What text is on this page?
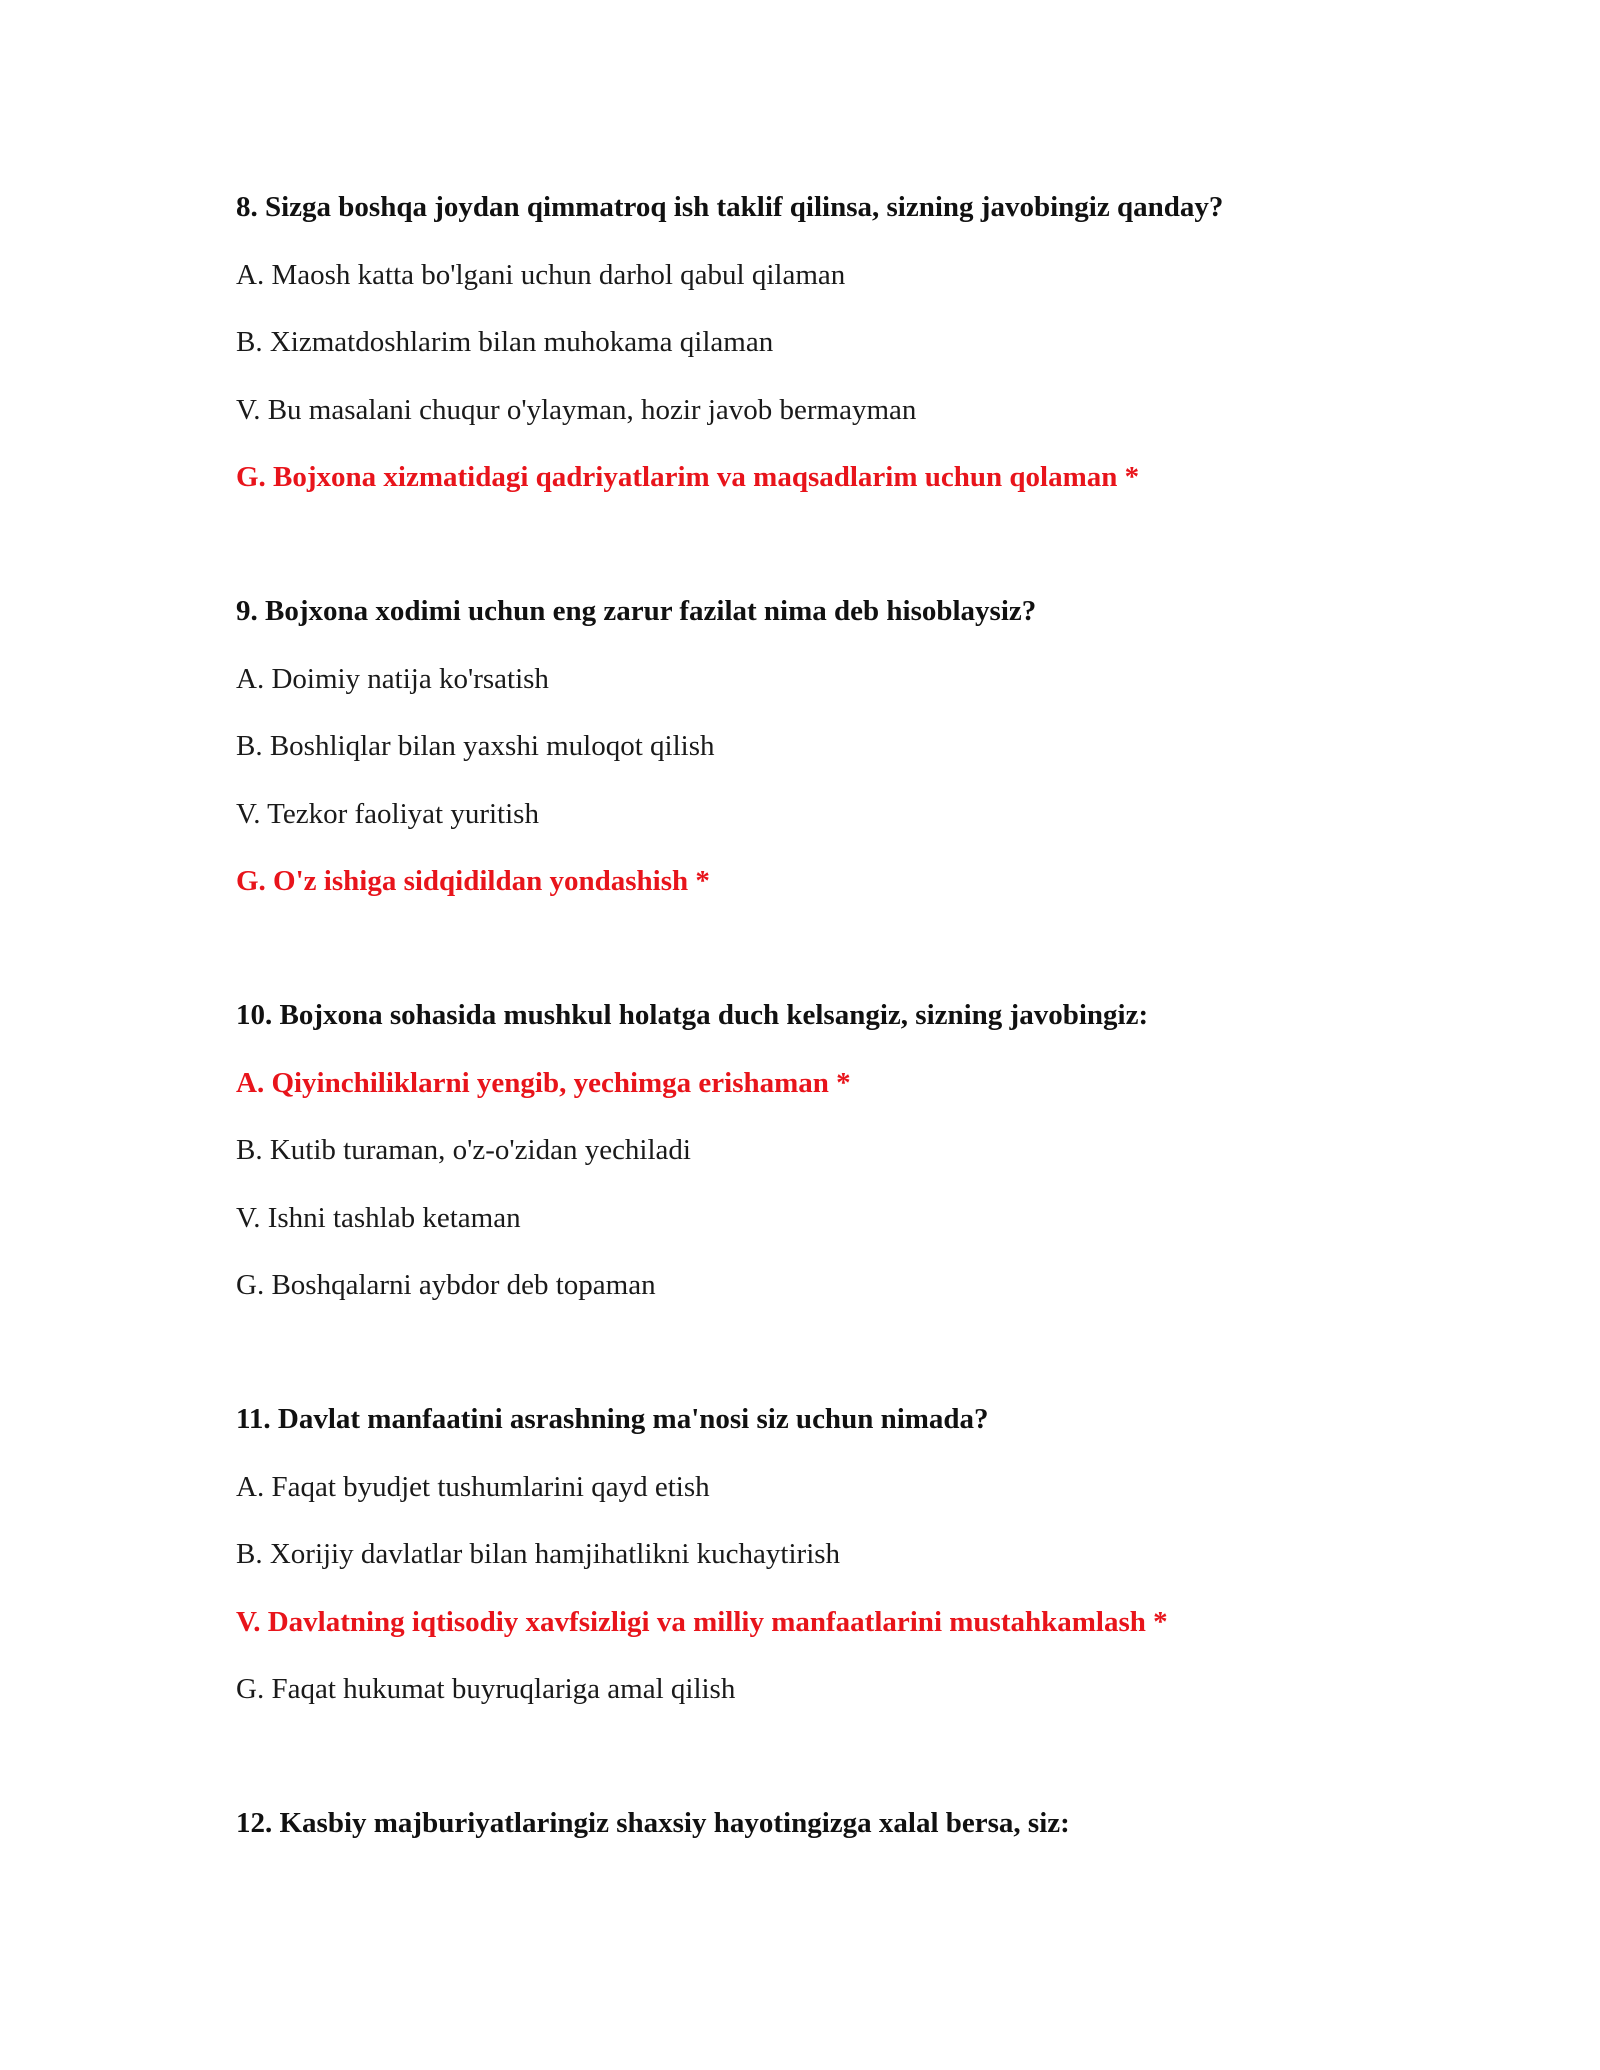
8. Sizga boshqa joydan qimmatroq ish taklif qilinsa, sizning javobingiz qanday?
A. Maosh katta bo'lgani uchun darhol qabul qilaman
B. Xizmatdoshlarim bilan muhokama qilaman
V. Bu masalani chuqur o'ylayman, hozir javob bermayman
G. Bojxona xizmatidagi qadriyatlarim va maqsadlarim uchun qolaman *
9. Bojxona xodimi uchun eng zarur fazilat nima deb hisoblaysiz?
A. Doimiy natija ko'rsatish
B. Boshliqlar bilan yaxshi muloqot qilish
V. Tezkor faoliyat yuritish
G. O'z ishiga sidqidildan yondashish *
10. Bojxona sohasida mushkul holatga duch kelsangiz, sizning javobingiz:
A. Qiyinchiliklarni yengib, yechimga erishaman *
B. Kutib turaman, o'z-o'zidan yechiladi
V. Ishni tashlab ketaman
G. Boshqalarni aybdor deb topaman
11. Davlat manfaatini asrashning ma'nosi siz uchun nimada?
A. Faqat byudjet tushumlarini qayd etish
B. Xorijiy davlatlar bilan hamjihatlikni kuchaytirish
V. Davlatning iqtisodiy xavfsizligi va milliy manfaatlarini mustahkamlash *
G. Faqat hukumat buyruqlariga amal qilish
12. Kasbiy majburiyatlaringiz shaxsiy hayotingizga xalal bersa, siz:
